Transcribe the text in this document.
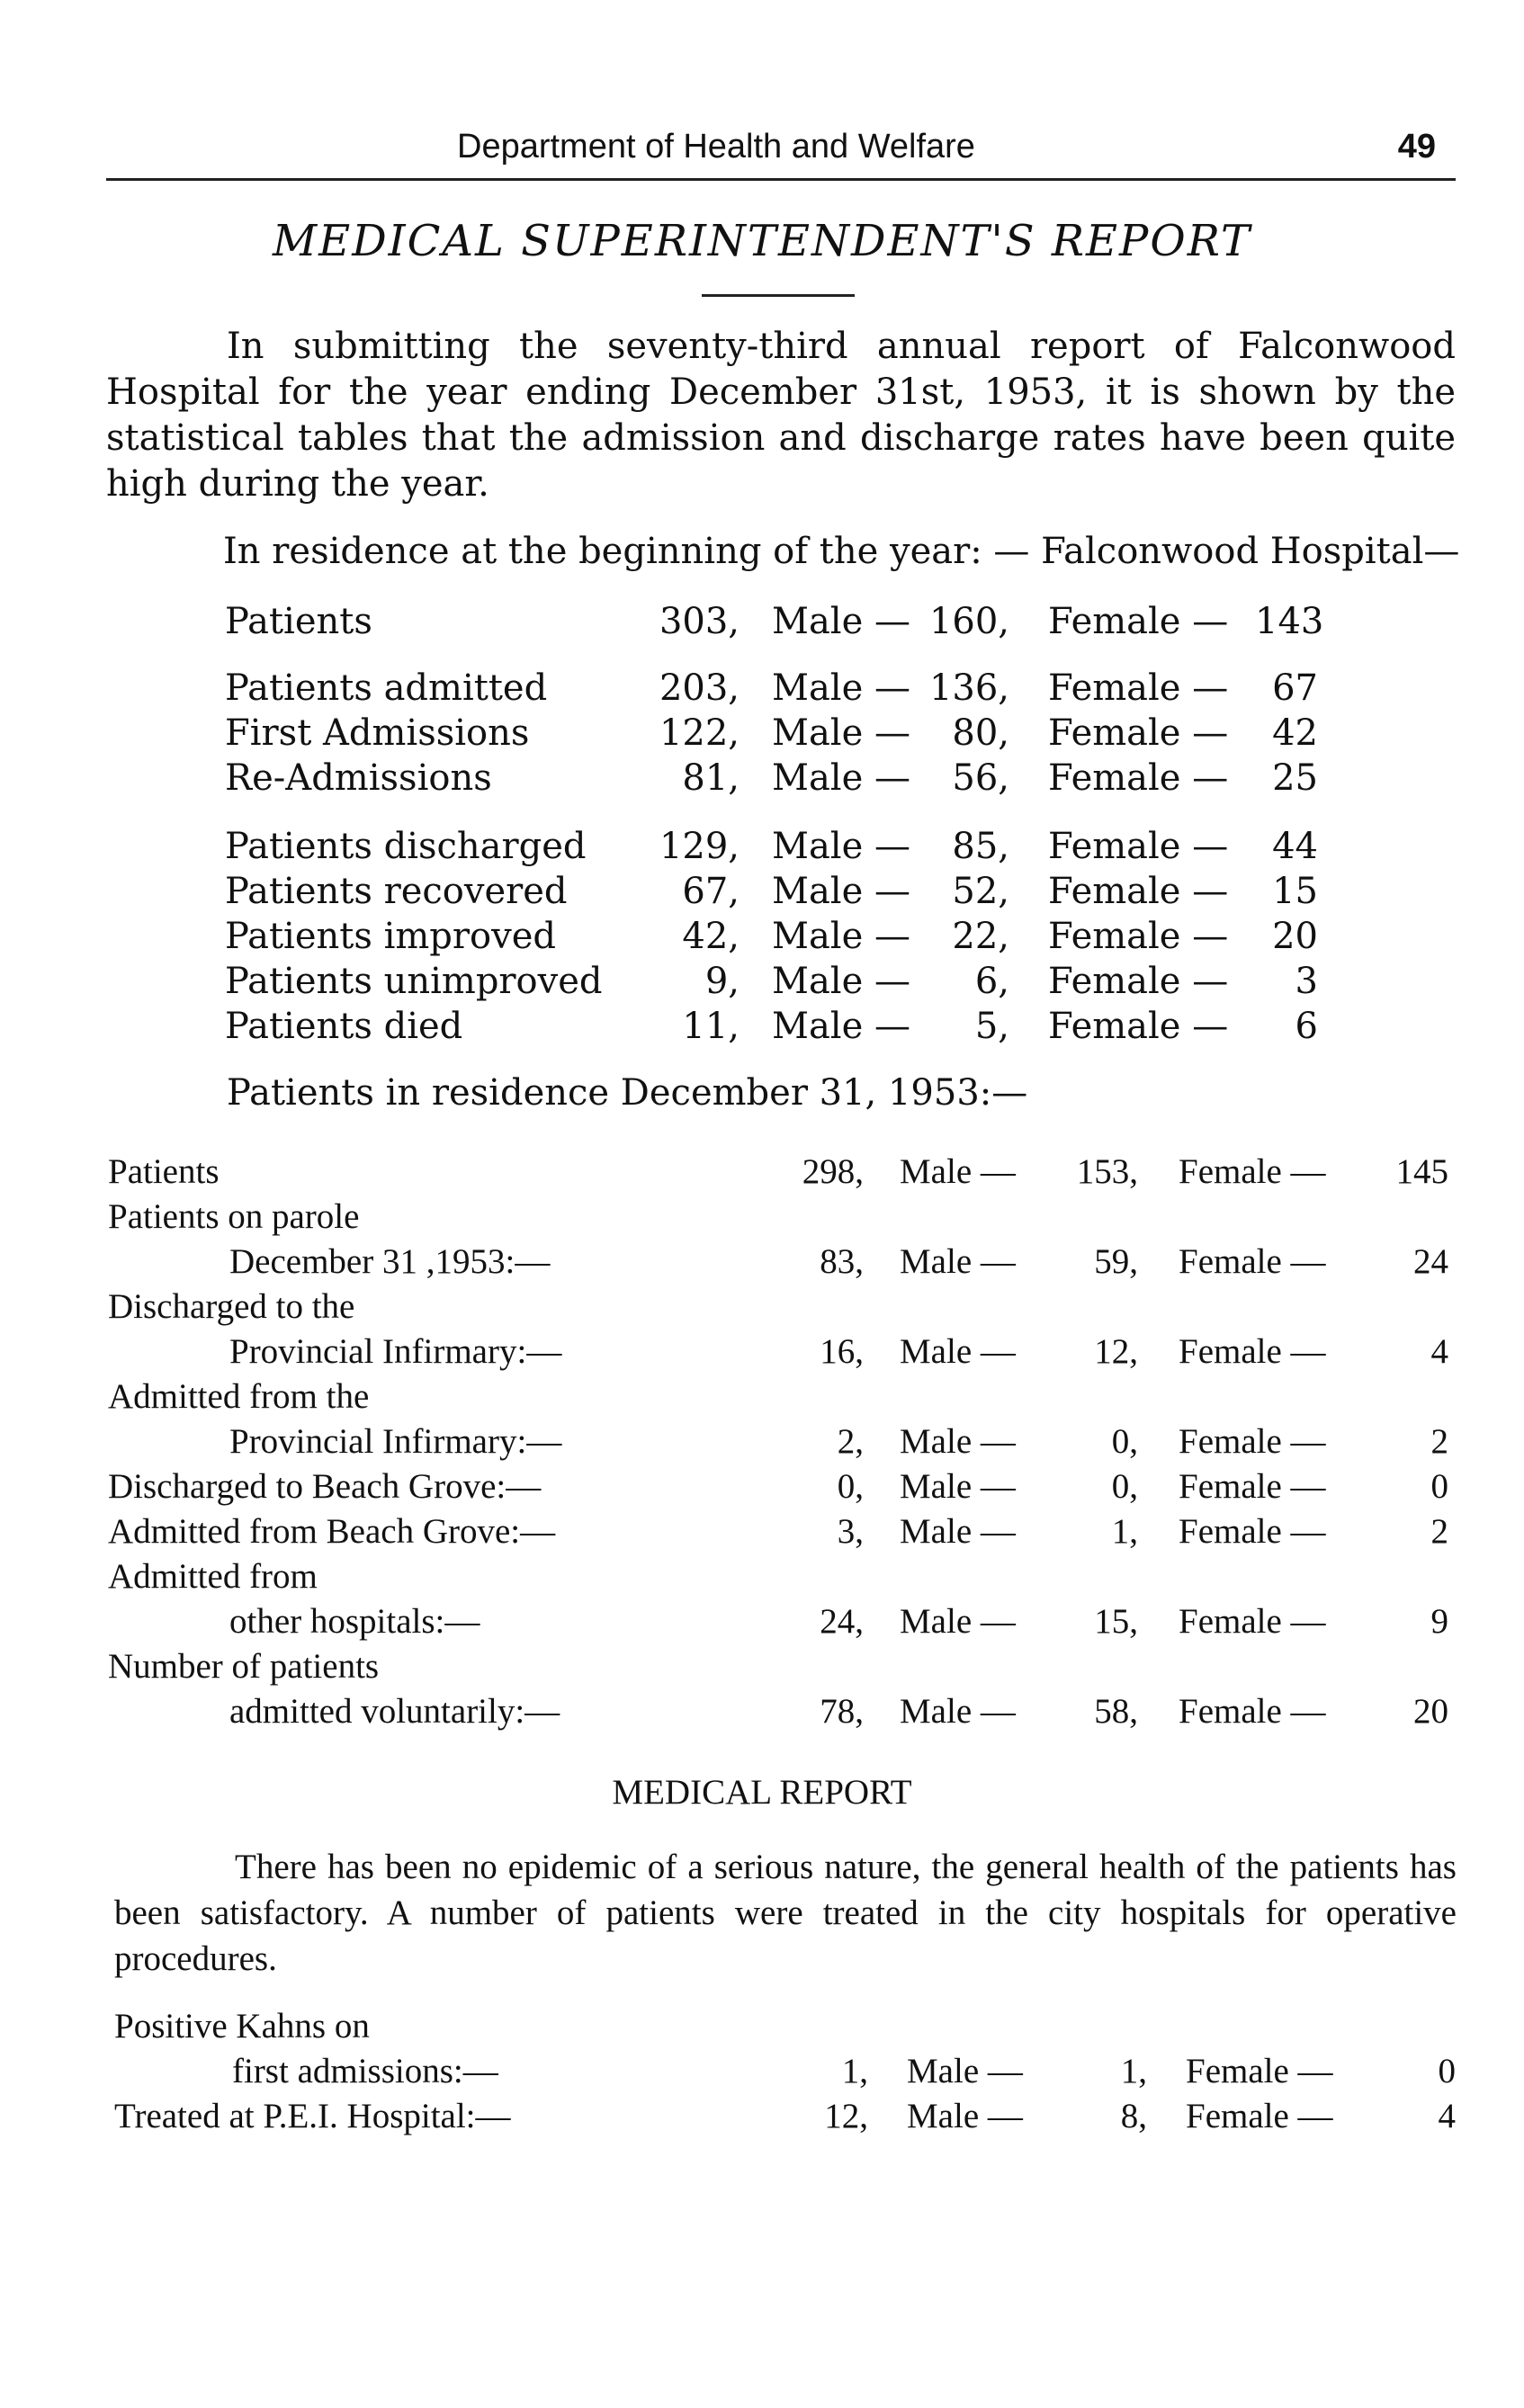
Department of Health and Welfare	49
MEDICAL SUPERINTENDENT'S REPORT

In submitting the seventy-third annual report of Falconwood Hospital for the year ending December 31st, 1953, it is shown by the statistical tables that the admission and discharge rates have been quite high during the year.

In residence at the beginning of the year: — Falconwood Hospital—
Patients	303, Male — 160, Female — 143
Patients admitted	203, Male — 136, Female —	67
First Admissions	122, Male —	80, Female —	42
Re-Admissions	81, Male —	56, Female —	25
Patients discharged	129, Male —	85, Female —	44
Patients recovered	67, Male —	52, Female —	15
Patients improved	42, Male —	22, Female —	20
Patients unimproved	9, Male —	6, Female —	3
Patients died	11, Male —	5, Female —	6
Patients in residence December 31, 1953:—
Patients	298, Male —	153, Female —	145
Patients on parole
December 31 ,1953:—	83, Male —	59, Female —	24
Discharged to the
Provincial Infirmary:—	16, Male —	12, Female —	4
Admitted from the
Provincial Infirmary:—	2, Male —	0, Female —	2
Discharged to Beach Grove:—	0, Male —	0, Female —	0
Admitted from Beach Grove:—	3, Male —	1, Female —	2
Admitted from
other hospitals:—	24, Male —	15, Female —	9
Number of patients
admitted voluntarily:—	78, Male —	58, Female —	20
MEDICAL REPORT

There has been no epidemic of a serious nature, the general health of the patients has been satisfactory. A number of patients were treated in the city hospitals for operative procedures.

Positive Kahns on
first admissions:—	1, Male —	1, Female —	0
Treated at P.E.I. Hospital:—	12, Male —	8, Female —	4
